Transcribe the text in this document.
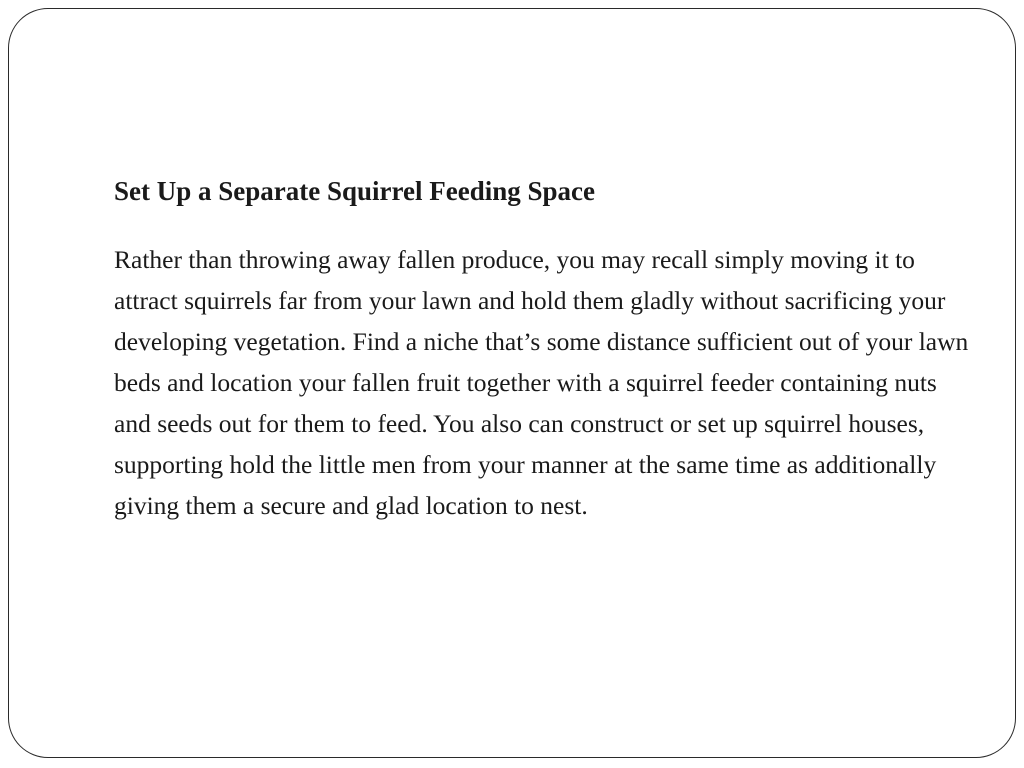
Set Up a Separate Squirrel Feeding Space

Rather than throwing away fallen produce, you may recall simply moving it to attract squirrels far from your lawn and hold them gladly without sacrificing your developing vegetation. Find a niche that’s some distance sufficient out of your lawn beds and location your fallen fruit together with a squirrel feeder containing nuts and seeds out for them to feed. You also can construct or set up squirrel houses, supporting hold the little men from your manner at the same time as additionally giving them a secure and glad location to nest.
